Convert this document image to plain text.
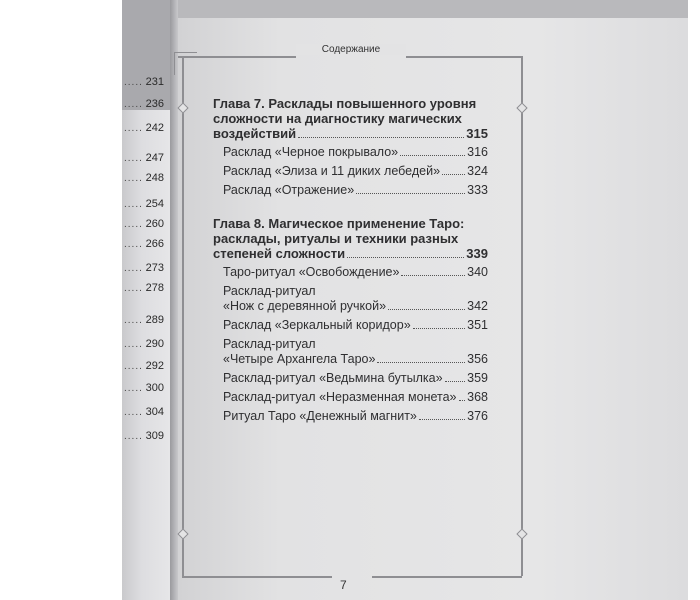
..... 231
..... 236
..... 242
..... 247
..... 248
..... 254
..... 260
..... 266
..... 273
..... 278
..... 289
..... 290
..... 292
..... 300
..... 304
..... 309
Содержание
Глава 7. Расклады повышенного уровня
сложности на диагностику магических
воздействий	315
Расклад «Черное покрывало»	316
Расклад «Элиза и 11 диких лебедей» 324
Расклад «Отражение»	333
Глава 8. Магическое применение Таро:
расклады, ритуалы и техники разных
степеней сложности	339
Таро-ритуал «Освобождение»	340
Расклад-ритуал
«Нож с деревянной ручкой»	342
Расклад «Зеркальный коридор»	351
Расклад-ритуал
«Четыре Архангела Таро»	356
Расклад-ритуал «Ведьмина бутылка» 359
Расклад-ритуал «Неразменная монета» 368
Ритуал Таро «Денежный магнит»	376
7
